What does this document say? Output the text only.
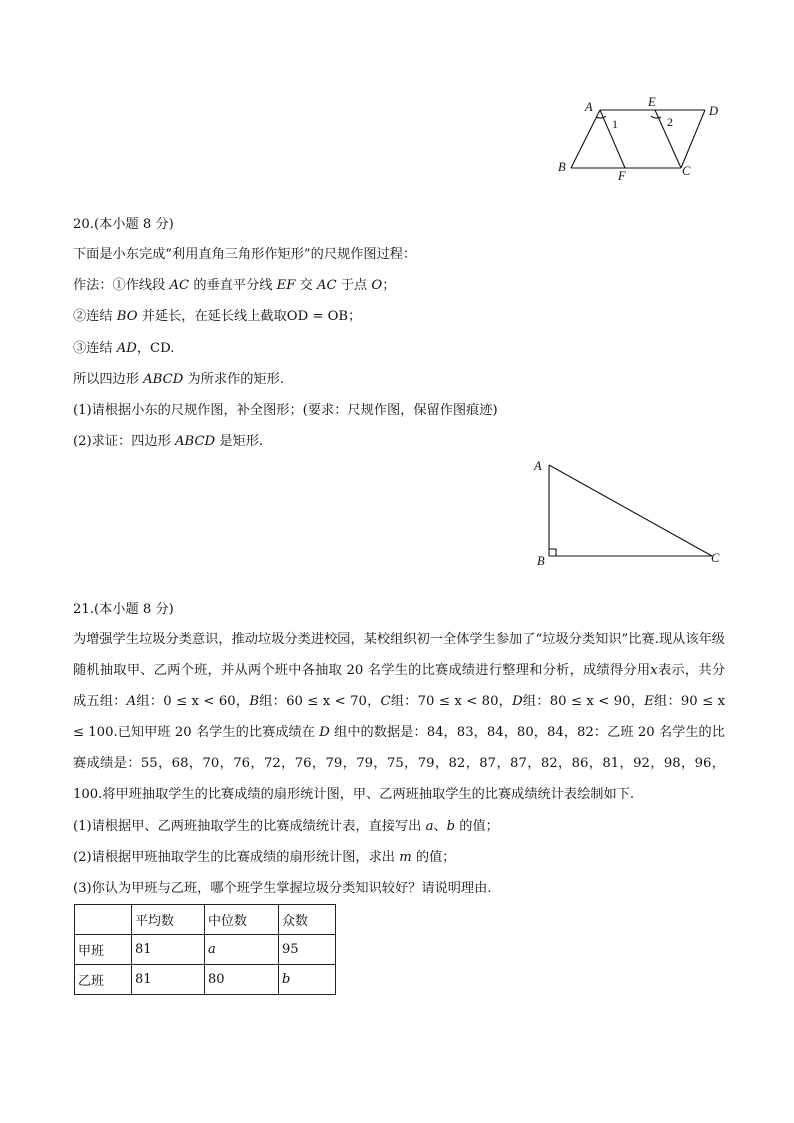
A	E
D
B
F	C
1	2
20.(本小题 8 分)
下面是小东完成“利用直角三角形作矩形”的尺规作图过程：
作法：①作线段 AC 的垂直平分线 EF 交 AC 于点 O；
②连结 BO 并延长，在延长线上截取OD = OB；
③连结 AD，CD.
所以四边形 ABCD 为所求作的矩形.
(1)请根据小东的尺规作图，补全图形；(要求：尺规作图，保留作图痕迹)
(2)求证：四边形 ABCD 是矩形.
A
B	C
21.(本小题 8 分)
为增强学生垃圾分类意识，推动垃圾分类进校园，某校组织初一全体学生参加了“垃圾分类知识”比赛.现从该年级随机抽取甲、乙两个班，并从两个班中各抽取 20 名学生的比赛成绩进行整理和分析，成绩得分用x表示，共分成五组：A组：0 ≤ x < 60，B组：60 ≤ x < 70，C组：70 ≤ x < 80，D组：80 ≤ x < 90，E组：90 ≤ x ≤ 100.已知甲班 20 名学生的比赛成绩在 D 组中的数据是：84，83，84，80，84，82：乙班 20 名学生的比赛成绩是：55，68，70，76，72，76，79，79，75，79，82，87，87，82，86，81，92，98，96，100.将甲班抽取学生的比赛成绩的扇形统计图，甲、乙两班抽取学生的比赛成绩统计表绘制如下.
(1)请根据甲、乙两班抽取学生的比赛成绩统计表，直接写出 a、b 的值；
(2)请根据甲班抽取学生的比赛成绩的扇形统计图，求出 m 的值；
(3)你认为甲班与乙班，哪个班学生掌握垃圾分类知识较好？请说明理由.
	平均数	中位数	众数
甲班	81	a	95
乙班	81	80	b
